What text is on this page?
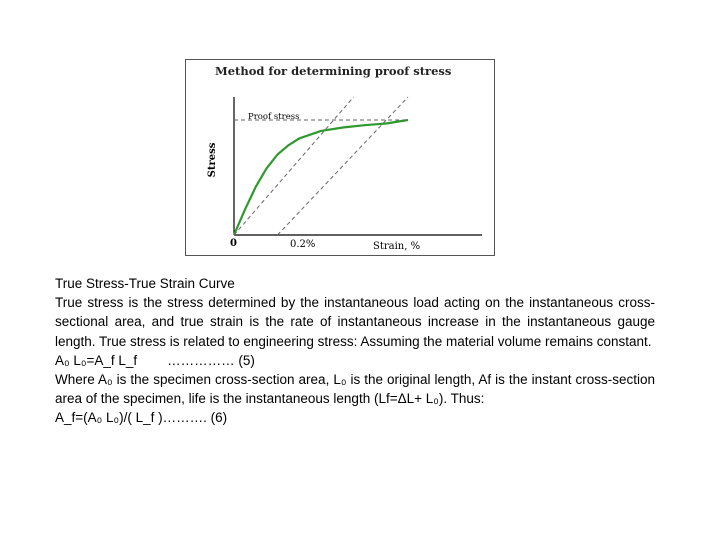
Method for determining proof stress
Stress
0	0.2%	Strain, %
Proof stress

True Stress-True Strain Curve

True stress is the stress determined by the instantaneous load acting on the instantaneous cross-sectional area, and true strain is the rate of instantaneous increase in the instantaneous gauge length. True stress is related to engineering stress: Assuming the material volume remains constant.

A₀ L₀=A_f L_f        …………… (5)

Where A₀ is the specimen cross-section area, L₀ is the original length, Af is the instant cross-section area of the specimen, life is the instantaneous length (Lf=ΔL+ L₀). Thus:

A_f=(A₀ L₀)/( L_f )………. (6)
